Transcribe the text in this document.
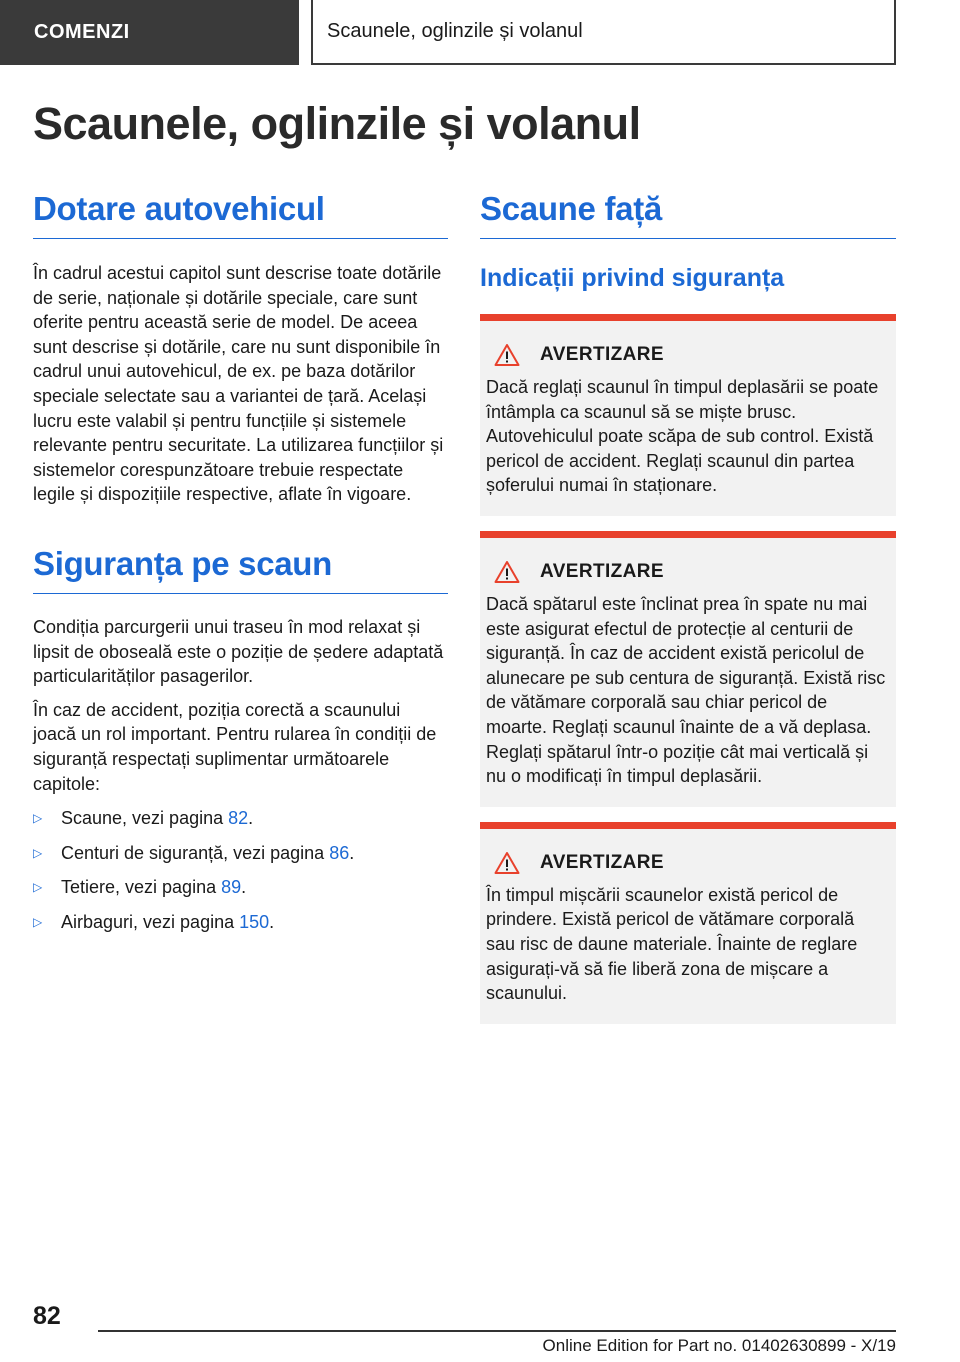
COMENZI	Scaunele, oglinzile și volanul
Scaunele, oglinzile și volanul
Dotare autovehicul

În cadrul acestui capitol sunt descrise toate dotările de serie, naționale și dotările speciale, care sunt oferite pentru această serie de model. De aceea sunt descrise și dotările, care nu sunt disponibile în cadrul unui autovehicul, de ex. pe baza dotărilor speciale selectate sau a variantei de țară. Același lucru este valabil și pentru funcțiile și sistemele relevante pentru securitate. La utilizarea funcțiilor și sistemelor corespunzătoare trebuie respectate legile și dispozițiile respective, aflate în vigoare.

Siguranța pe scaun

Condiția parcurgerii unui traseu în mod relaxat și lipsit de oboseală este o poziție de ședere adaptată particularităților pasagerilor.

În caz de accident, poziția corectă a scaunului joacă un rol important. Pentru rularea în condiții de siguranță respectați suplimentar următoarele capitole:

▷	Scaune, vezi pagina
82 .
▷	Centuri de siguranță, vezi pagina
86 .
▷	Tetiere, vezi pagina
89 .
▷	Airbaguri, vezi pagina
150 .
Scaune față
Indicații privind siguranța
AVERTIZARE

Dacă reglați scaunul în timpul deplasării se poate întâmpla ca scaunul să se miște brusc. Autovehiculul poate scăpa de sub control. Există pericol de accident. Reglați scaunul din partea șoferului numai în staționare.

AVERTIZARE

Dacă spătarul este înclinat prea în spate nu mai este asigurat efectul de protecție al centurii de siguranță. În caz de accident există pericolul de alunecare pe sub centura de siguranță. Există risc de vătămare corporală sau chiar pericol de moarte. Reglați scaunul înainte de a vă deplasa. Reglați spătarul într-o poziție cât mai verticală și nu o modificați în timpul deplasării.

AVERTIZARE

În timpul mișcării scaunelor există pericol de prindere. Există pericol de vătămare corporală sau risc de daune materiale. Înainte de reglare asigurați-vă să fie liberă zona de mișcare a scaunului.

82
Online Edition for Part no. 01402630899 - X/19
